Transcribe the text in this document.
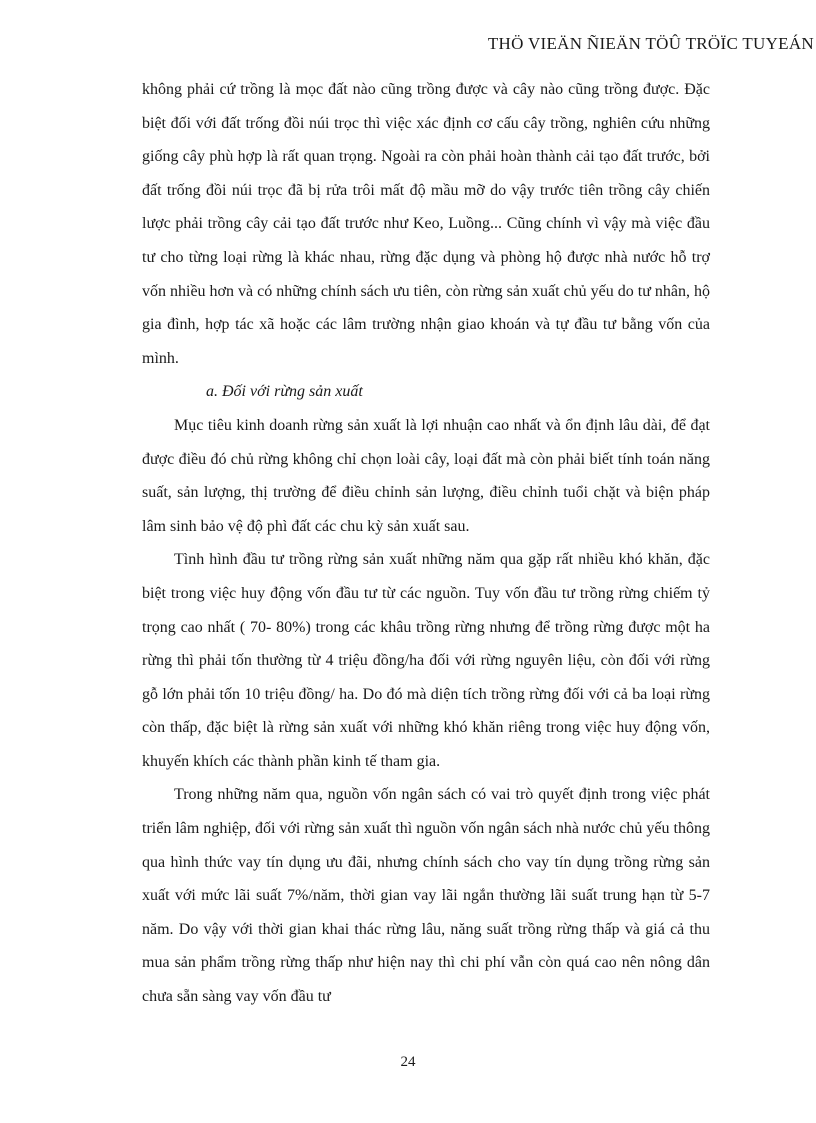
THÖ VIEÄN ÑIEÄN TÖÛ TRÖÏC TUYEÁN

không phải cứ trồng là mọc đất nào cũng trồng được và cây nào cũng trồng được. Đặc biệt đối với đất trống đồi núi trọc thì việc xác định cơ cấu cây trồng, nghiên cứu những giống cây phù hợp là rất quan trọng. Ngoài ra còn phải hoàn thành cải tạo đất trước, bởi đất trống đồi núi trọc đã bị rửa trôi mất độ mầu mỡ do vậy trước tiên trồng cây chiến lược phải trồng cây cải tạo đất trước như Keo, Luồng... Cũng chính vì vậy mà việc đầu tư cho từng loại rừng là khác nhau, rừng đặc dụng và phòng hộ được nhà nước hỗ trợ vốn nhiều hơn và có những chính sách ưu tiên, còn rừng sản xuất chủ yếu do tư nhân, hộ gia đình, hợp tác xã hoặc các lâm trường nhận giao khoán và tự đầu tư bằng vốn của mình.

a. Đối với rừng sản xuất

Mục tiêu kinh doanh rừng sản xuất là lợi nhuận cao nhất và ổn định lâu dài, để đạt được điều đó chủ rừng không chỉ chọn loài cây, loại đất mà còn phải biết tính toán năng suất, sản lượng, thị trường để điều chỉnh sản lượng, điều chỉnh tuổi chặt và biện pháp lâm sinh bảo vệ độ phì đất các chu kỳ sản xuất sau.

Tình hình đầu tư trồng rừng sản xuất những năm qua gặp rất nhiều khó khăn, đặc biệt trong việc huy động vốn đầu tư từ các nguồn. Tuy vốn đầu tư trồng rừng chiếm tỷ trọng cao nhất ( 70- 80%) trong các khâu trồng rừng nhưng để trồng rừng được một ha rừng thì phải tốn thường từ 4 triệu đồng/ha đối với rừng nguyên liệu, còn đối với rừng gỗ lớn phải tốn 10 triệu đồng/ ha. Do đó mà diện tích trồng rừng đối với cả ba loại rừng còn thấp, đặc biệt là rừng sản xuất với những khó khăn riêng trong việc huy động vốn, khuyến khích các thành phần kinh tế tham gia.

Trong những năm qua, nguồn vốn ngân sách có vai trò quyết định trong việc phát triển lâm nghiệp, đối với rừng sản xuất thì nguồn vốn ngân sách nhà nước chủ yếu thông qua hình thức vay tín dụng ưu đãi, nhưng chính sách cho vay tín dụng trồng rừng sản xuất với mức lãi suất 7%/năm, thời gian vay lãi ngắn thường lãi suất trung hạn từ 5-7 năm. Do vậy với thời gian khai thác rừng lâu, năng suất trồng rừng thấp và giá cả thu mua sản phẩm trồng rừng thấp như hiện nay thì chi phí vẫn còn quá cao nên nông dân chưa sẵn sàng vay vốn đầu tư

24
